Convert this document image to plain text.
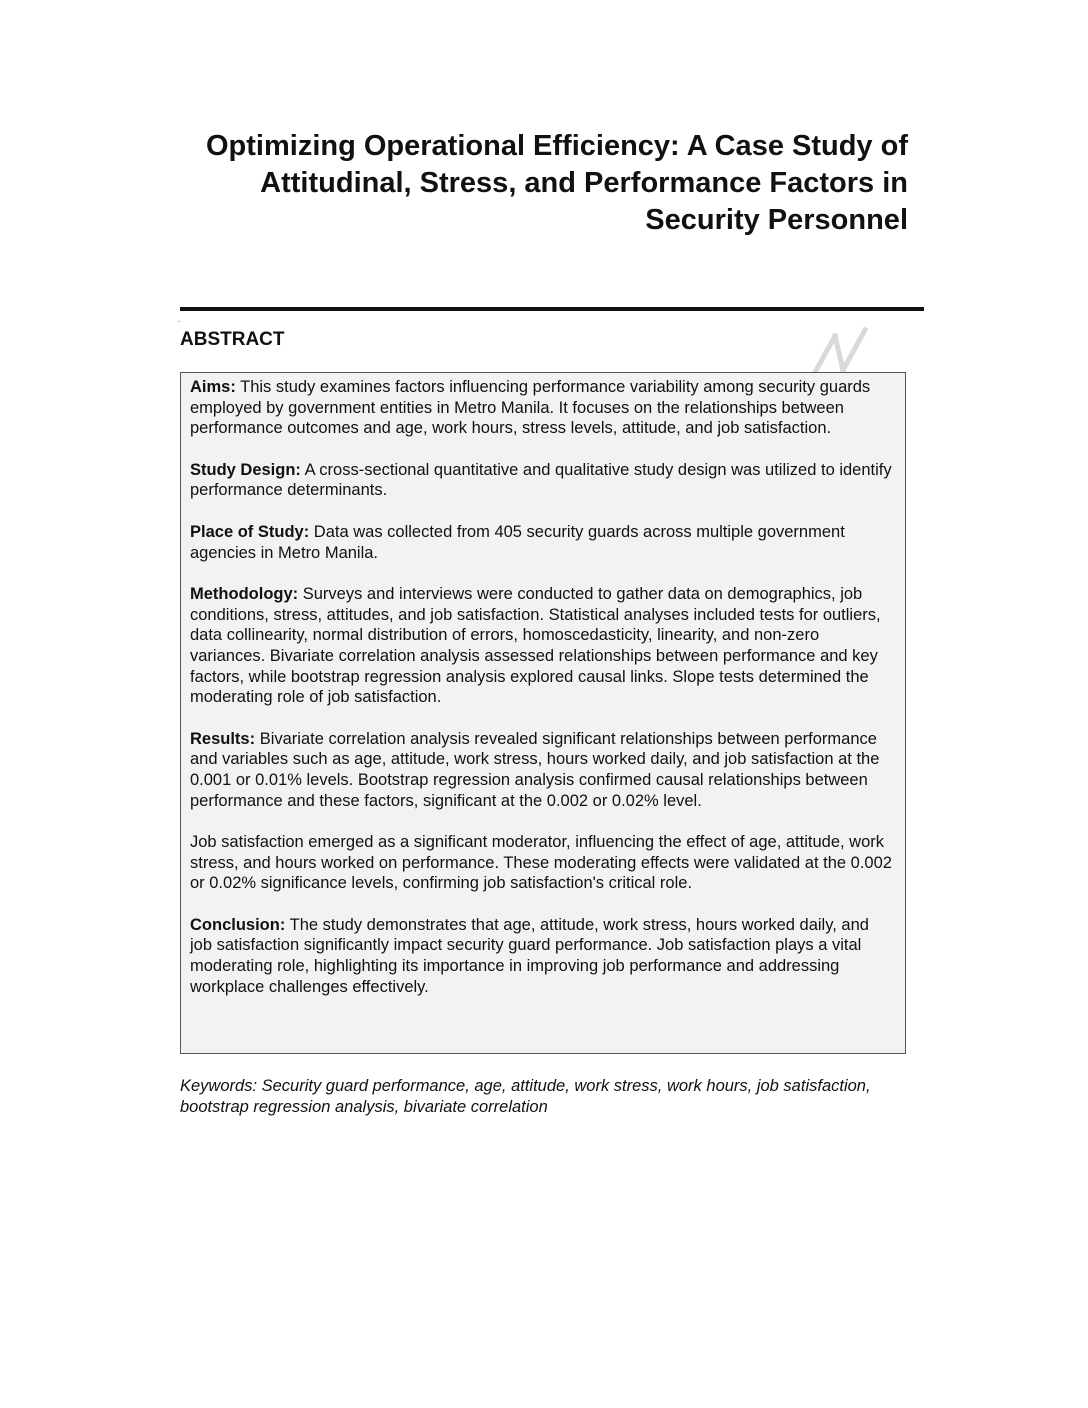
Optimizing Operational Efficiency: A Case Study of Attitudinal, Stress, and Performance Factors in Security Personnel
.
ABSTRACT

Aims: This study examines factors influencing performance variability among security guards employed by government entities in Metro Manila. It focuses on the relationships between performance outcomes and age, work hours, stress levels, attitude, and job satisfaction.

Study Design: A cross-sectional quantitative and qualitative study design was utilized to identify performance determinants.

Place of Study: Data was collected from 405 security guards across multiple government agencies in Metro Manila.

Methodology: Surveys and interviews were conducted to gather data on demographics, job conditions, stress, attitudes, and job satisfaction. Statistical analyses included tests for outliers, data collinearity, normal distribution of errors, homoscedasticity, linearity, and non-zero variances. Bivariate correlation analysis assessed relationships between performance and key factors, while bootstrap regression analysis explored causal links. Slope tests determined the moderating role of job satisfaction.

Results: Bivariate correlation analysis revealed significant relationships between performance and variables such as age, attitude, work stress, hours worked daily, and job satisfaction at the 0.001 or 0.01% levels. Bootstrap regression analysis confirmed causal relationships between performance and these factors, significant at the 0.002 or 0.02% level.

Job satisfaction emerged as a significant moderator, influencing the effect of age, attitude, work stress, and hours worked on performance. These moderating effects were validated at the 0.002 or 0.02% significance levels, confirming job satisfaction's critical role.

Conclusion: The study demonstrates that age, attitude, work stress, hours worked daily, and job satisfaction significantly impact security guard performance. Job satisfaction plays a vital moderating role, highlighting its importance in improving job performance and addressing workplace challenges effectively.

Keywords: Security guard performance, age, attitude, work stress, work hours, job satisfaction, bootstrap regression analysis, bivariate correlation
